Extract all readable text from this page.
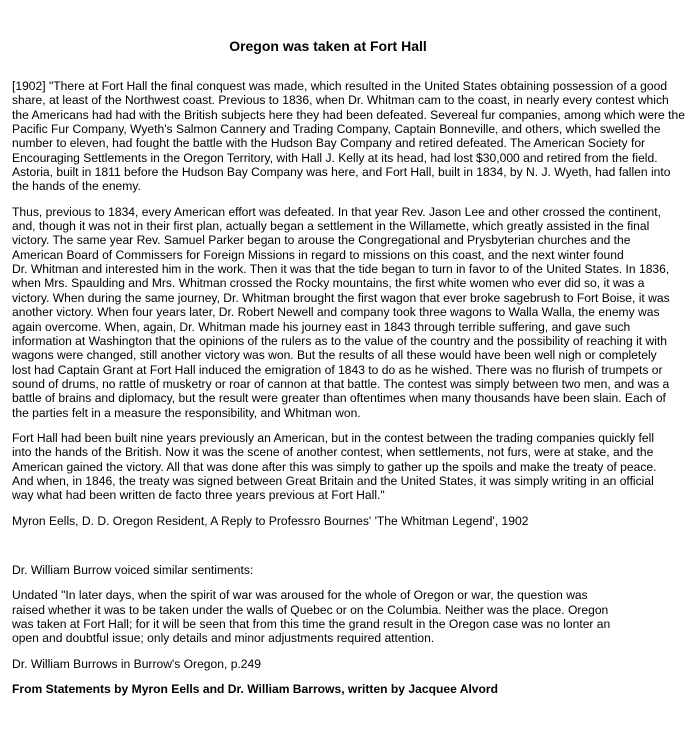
Oregon was taken at Fort Hall

[1902] "There at Fort Hall the final conquest was made, which resulted in the United States obtaining possession of a good
share, at least of the Northwest coast. Previous to 1836, when Dr. Whitman cam to the coast, in nearly every contest which
the Americans had had with the British subjects here they had been defeated. Severeal fur companies, among which were the
Pacific Fur Company, Wyeth's Salmon Cannery and Trading Company, Captain Bonneville, and others, which swelled the
number to eleven, had fought the battle with the Hudson Bay Company and retired defeated. The American Society for
Encouraging Settlements in the Oregon Territory, with Hall J. Kelly at its head, had lost $30,000 and retired from the field.
Astoria, built in 1811 before the Hudson Bay Company was here, and Fort Hall, built in 1834, by N. J. Wyeth, had fallen into
the hands of the enemy.

Thus, previous to 1834, every American effort was defeated. In that year Rev. Jason Lee and other crossed the continent,
and, though it was not in their first plan, actually began a settlement in the Willamette, which greatly assisted in the final
victory. The same year Rev. Samuel Parker began to arouse the Congregational and Prysbyterian churches and the
American Board of Commissers for Foreign Missions in regard to missions on this coast, and the next winter found
Dr. Whitman and interested him in the work. Then it was that the tide began to turn in favor to of the United States. In 1836,
when Mrs. Spaulding and Mrs. Whitman crossed the Rocky mountains, the first white women who ever did so, it was a
victory. When during the same journey, Dr. Whitman brought the first wagon that ever broke sagebrush to Fort Boise, it was
another victory. When four years later, Dr. Robert Newell and company took three wagons to Walla Walla, the enemy was
again overcome. When, again, Dr. Whitman made his journey east in 1843 through terrible suffering, and gave such
information at Washington that the opinions of the rulers as to the value of the country and the possibility of reaching it with
wagons were changed, still another victory was won. But the results of all these would have been well nigh or completely
lost had Captain Grant at Fort Hall induced the emigration of 1843 to do as he wished. There was no flurish of trumpets or
sound of drums, no rattle of musketry or roar of cannon at that battle. The contest was simply between two men, and was a
battle of brains and diplomacy, but the result were greater than oftentimes when many thousands have been slain. Each of
the parties felt in a measure the responsibility, and Whitman won.

Fort Hall had been built nine years previously an American, but in the contest between the trading companies quickly fell
into the hands of the British. Now it was the scene of another contest, when settlements, not furs, were at stake, and the
American gained the victory. All that was done after this was simply to gather up the spoils and make the treaty of peace.
And when, in 1846, the treaty was signed between Great Britain and the United States, it was simply writing in an official
way what had been written de facto three years previous at Fort Hall."

Myron Eells, D. D. Oregon Resident, A Reply to Professro Bournes' 'The Whitman Legend', 1902

Dr. William Burrow voiced similar sentiments:

Undated "In later days, when the spirit of war was aroused for the whole of Oregon or war, the question was
raised whether it was to be taken under the walls of Quebec or on the Columbia. Neither was the place. Oregon
was taken at Fort Hall; for it will be seen that from this time the grand result in the Oregon case was no lonter an
open and doubtful issue; only details and minor adjustments required attention.

Dr. William Burrows in Burrow's Oregon, p.249

From Statements by Myron Eells and Dr. William Barrows, written by Jacquee Alvord
